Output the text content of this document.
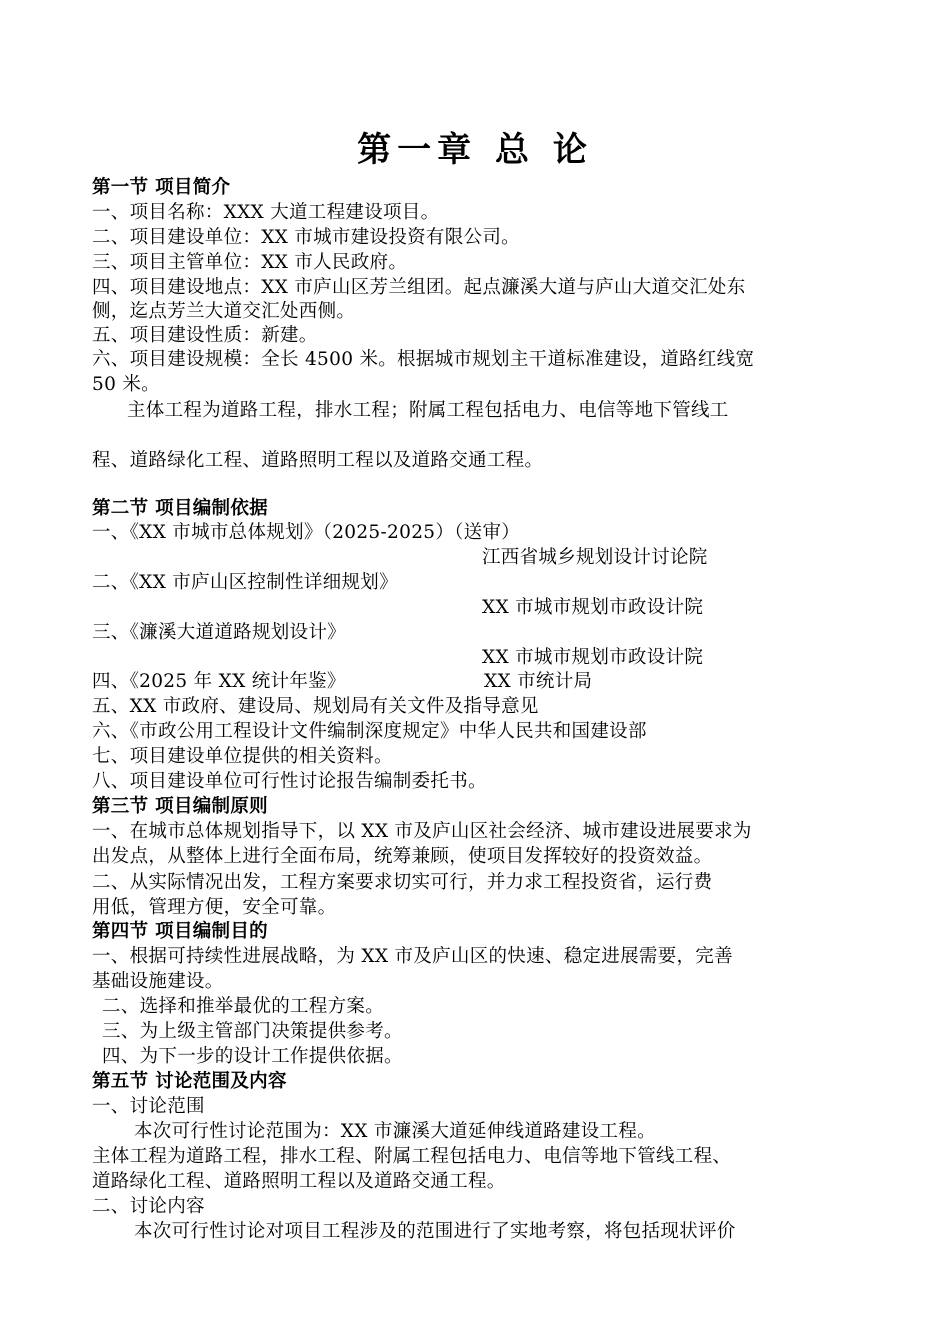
第一章 总 论
第一节 项目简介
一、项目名称：XXX 大道工程建设项目。
二、项目建设单位：XX 市城市建设投资有限公司。
三、项目主管单位：XX 市人民政府。
四、项目建设地点：XX 市庐山区芳兰组团。起点濂溪大道与庐山大道交汇处东
侧，迄点芳兰大道交汇处西侧。
五、项目建设性质：新建。
六、项目建设规模：全长 4500 米。根据城市规划主干道标准建设，道路红线宽
50 米。
主体工程为道路工程，排水工程；附属工程包括电力、电信等地下管线工
程、道路绿化工程、道路照明工程以及道路交通工程。
第二节 项目编制依据
一、《XX 市城市总体规划》（2025-2025）（送审）
江西省城乡规划设计讨论院
二、《XX 市庐山区控制性详细规划》
XX 市城市规划市政设计院
三、《濂溪大道道路规划设计》
XX 市城市规划市政设计院
四、《2025 年 XX 统计年鉴》	XX 市统计局
五、XX 市政府、建设局、规划局有关文件及指导意见
六、《市政公用工程设计文件编制深度规定》中华人民共和国建设部
七、项目建设单位提供的相关资料。
八、项目建设单位可行性讨论报告编制委托书。
第三节 项目编制原则
一、在城市总体规划指导下，以 XX 市及庐山区社会经济、城市建设进展要求为
出发点，从整体上进行全面布局，统筹兼顾，使项目发挥较好的投资效益。
二、从实际情况出发，工程方案要求切实可行，并力求工程投资省，运行费
用低，管理方便，安全可靠。
第四节 项目编制目的
一、根据可持续性进展战略，为 XX 市及庐山区的快速、稳定进展需要，完善
基础设施建设。
二、选择和推举最优的工程方案。
三、为上级主管部门决策提供参考。
四、为下一步的设计工作提供依据。
第五节 讨论范围及内容
一、讨论范围
本次可行性讨论范围为：XX 市濂溪大道延伸线道路建设工程。
主体工程为道路工程，排水工程、附属工程包括电力、电信等地下管线工程、
道路绿化工程、道路照明工程以及道路交通工程。
二、讨论内容
本次可行性讨论对项目工程涉及的范围进行了实地考察，将包括现状评价
